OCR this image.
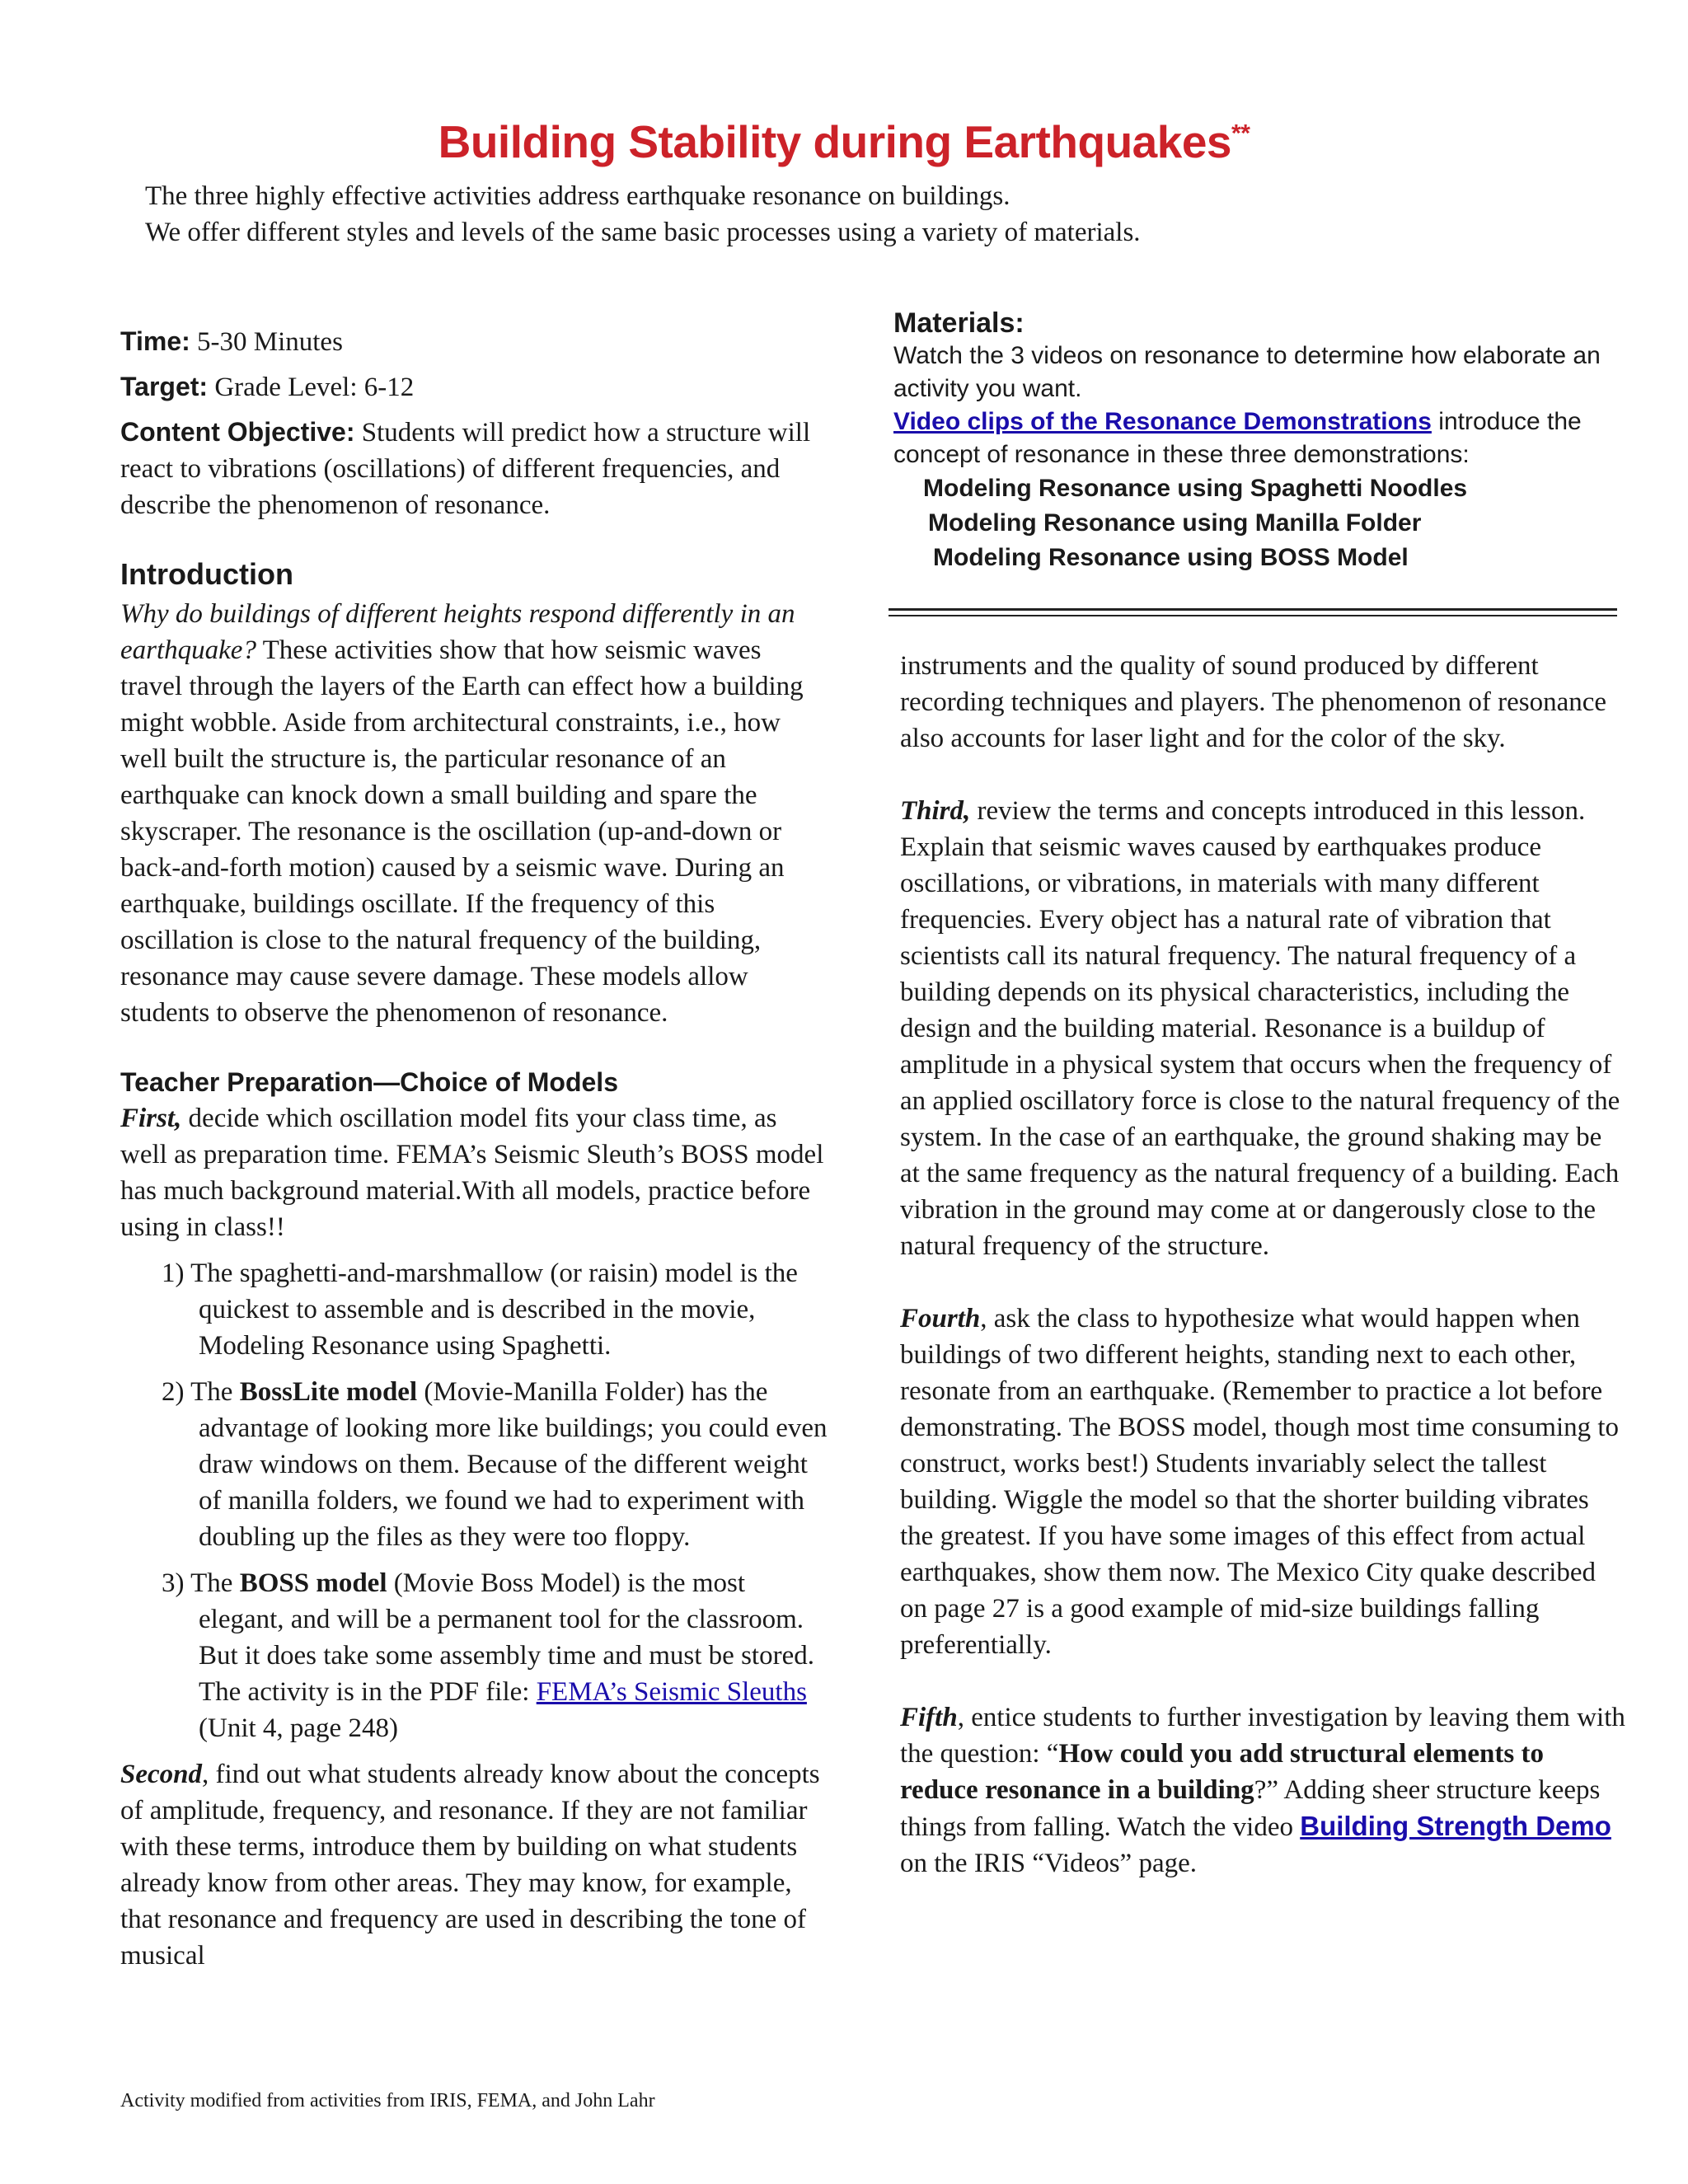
Building Stability during Earthquakes**
The three highly effective activities address earthquake resonance on buildings.
We offer different styles and levels of the same basic processes using a variety of materials.
Time: 5-30 Minutes
Target: Grade Level: 6-12

Content Objective: Students will predict how a structure will react to vibrations (oscillations) of different frequencies, and describe the phenomenon of resonance.

Introduction

Why do buildings of different heights respond differently in an earthquake? These activities show that how seismic waves travel through the layers of the Earth can effect how a building might wobble. Aside from architectural constraints, i.e., how well built the structure is, the particular resonance of an earthquake can knock down a small building and spare the skyscraper. The resonance is the oscillation (up-and-down or back-and-forth motion) caused by a seismic wave. During an earthquake, buildings oscillate. If the frequency of this oscillation is close to the natural frequency of the building, resonance may cause severe damage. These models allow students to observe the phenomenon of resonance.

Teacher Preparation—Choice of Models

First, decide which oscillation model fits your class time, as well as preparation time. FEMA’s Seismic Sleuth’s BOSS model has much background material.With all models, practice before using in class!!

1) The spaghetti-and-marshmallow (or raisin) model is the quickest to assemble and is described in the movie, Modeling Resonance using Spaghetti.
2) The BossLite model (Movie-Manilla Folder) has the advantage of looking more like buildings; you could even draw windows on them. Because of the different weight of manilla folders, we found we had to experiment with doubling up the files as they were too floppy.
3) The BOSS model (Movie Boss Model) is the most elegant, and will be a permanent tool for the classroom. But it does take some assembly time and must be stored. The activity is in the PDF file: FEMA’s Seismic Sleuths (Unit 4, page 248)

Second, find out what students already know about the concepts of amplitude, frequency, and resonance. If they are not familiar with these terms, introduce them by building on what students already know from other areas. They may know, for example, that resonance and frequency are used in describing the tone of musical

Materials:

Watch the 3 videos on resonance to determine how elaborate an activity you want.

Video clips of the Resonance Demonstrations introduce the concept of resonance in these three demonstrations:

Modeling Resonance using Spaghetti Noodles
Modeling Resonance using Manilla Folder
Modeling Resonance using BOSS Model

instruments and the quality of sound produced by different recording techniques and players. The phenomenon of resonance also accounts for laser light and for the color of the sky.

Third, review the terms and concepts introduced in this lesson. Explain that seismic waves caused by earthquakes produce oscillations, or vibrations, in materials with many different frequencies. Every object has a natural rate of vibration that scientists call its natural frequency. The natural frequency of a building depends on its physical characteristics, including the design and the building material. Resonance is a buildup of amplitude in a physical system that occurs when the frequency of an applied oscillatory force is close to the natural frequency of the system. In the case of an earthquake, the ground shaking may be at the same frequency as the natural frequency of a building. Each vibration in the ground may come at or dangerously close to the natural frequency of the structure.

Fourth, ask the class to hypothesize what would happen when buildings of two different heights, standing next to each other, resonate from an earthquake. (Remember to practice a lot before demonstrating. The BOSS model, though most time consuming to construct, works best!) Students invariably select the tallest building. Wiggle the model so that the shorter building vibrates the greatest. If you have some images of this effect from actual earthquakes, show them now. The Mexico City quake described on page 27 is a good example of mid-size buildings falling preferentially.

Fifth, entice students to further investigation by leaving them with the question: “How could you add structural elements to reduce resonance in a building?” Adding sheer structure keeps things from falling. Watch the video Building Strength Demo on the IRIS “Videos” page.

Activity modified from activities from IRIS, FEMA, and John Lahr
